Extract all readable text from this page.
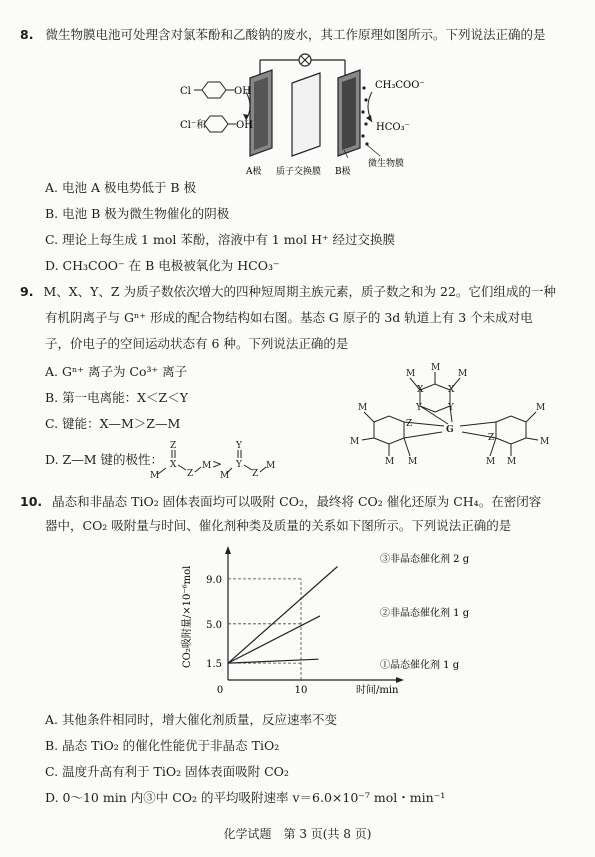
8. 微生物膜电池可处理含对氯苯酚和乙酸钠的废水，其工作原理如图所示。下列说法正确的是
Cl	OH
Cl⁻和	OH
CH₃COO⁻
HCO₃⁻
A极 质子交换膜 B极
微生物膜
A. 电池 A 极电势低于 B 极
B. 电池 B 极为微生物催化的阴极
C. 理论上每生成 1 mol 苯酚，溶液中有 1 mol H⁺ 经过交换膜
D. CH₃COO⁻ 在 B 电极被氧化为 HCO₃⁻
9. M、X、Y、Z 为质子数依次增大的四种短周期主族元素，质子数之和为 22。它们组成的一种
有机阴离子与 Gⁿ⁺ 形成的配合物结构如右图。基态 G 原子的 3d 轨道上有 3 个未成对电
子，价电子的空间运动状态有 6 种。下列说法正确的是
A. Gⁿ⁺ 离子为 Co³⁺ 离子
B. 第一电离能：X＜Z＜Y
C. 键能：X—M＞Z—M
D. Z—M 键的极性：
Z
X
M	Z
M >
Y
Y
M	Z
M
G
M
M
M
X	X
Y	Y
M
M
M M
Z
M
M
M
M
Z
10. 晶态和非晶态 TiO₂ 固体表面均可以吸附 CO₂，最终将 CO₂ 催化还原为 CH₄。在密闭容
器中，CO₂ 吸附量与时间、催化剂种类及质量的关系如下图所示。下列说法正确的是
1.5
5.0
9.0
0	10
③非晶态催化剂 2 g
②非晶态催化剂 1 g
①晶态催化剂 1 g
时间/min
CO₂吸附量/×10⁻⁶mol
A. 其他条件相同时，增大催化剂质量，反应速率不变
B. 晶态 TiO₂ 的催化性能优于非晶态 TiO₂
C. 温度升高有利于 TiO₂ 固体表面吸附 CO₂
D. 0～10 min 内③中 CO₂ 的平均吸附速率 v＝6.0×10⁻⁷ mol・min⁻¹
化学试题　第 3 页(共 8 页)
